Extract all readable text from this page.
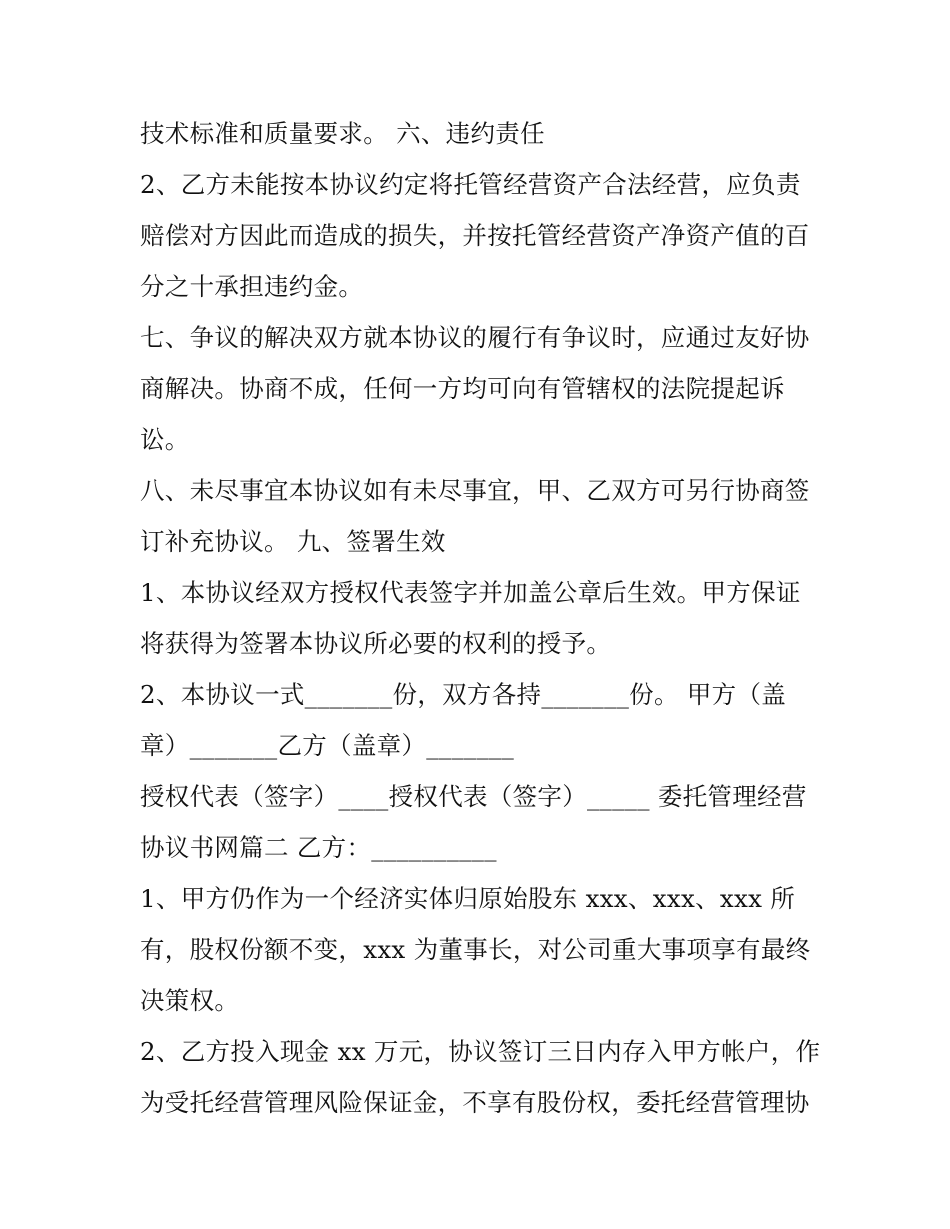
技术标准和质量要求。 六、违约责任
2、乙方未能按本协议约定将托管经营资产合法经营，应负责
赔偿对方因此而造成的损失，并按托管经营资产净资产值的百
分之十承担违约金。
七、争议的解决双方就本协议的履行有争议时，应通过友好协
商解决。协商不成，任何一方均可向有管辖权的法院提起诉
讼。
八、未尽事宜本协议如有未尽事宜，甲、乙双方可另行协商签
订补充协议。 九、签署生效
1、本协议经双方授权代表签字并加盖公章后生效。甲方保证
将获得为签署本协议所必要的权利的授予。
2、本协议一式_______份，双方各持_______份。 甲方（盖
章）_______乙方（盖章）_______
授权代表（签字）____授权代表（签字）_____ 委托管理经营
协议书网篇二 乙方：__________
1、甲方仍作为一个经济实体归原始股东 xxx、xxx、xxx 所
有，股权份额不变，xxx 为董事长，对公司重大事项享有最终
决策权。
2、乙方投入现金 xx 万元，协议签订三日内存入甲方帐户，作
为受托经营管理风险保证金，不享有股份权，委托经营管理协
